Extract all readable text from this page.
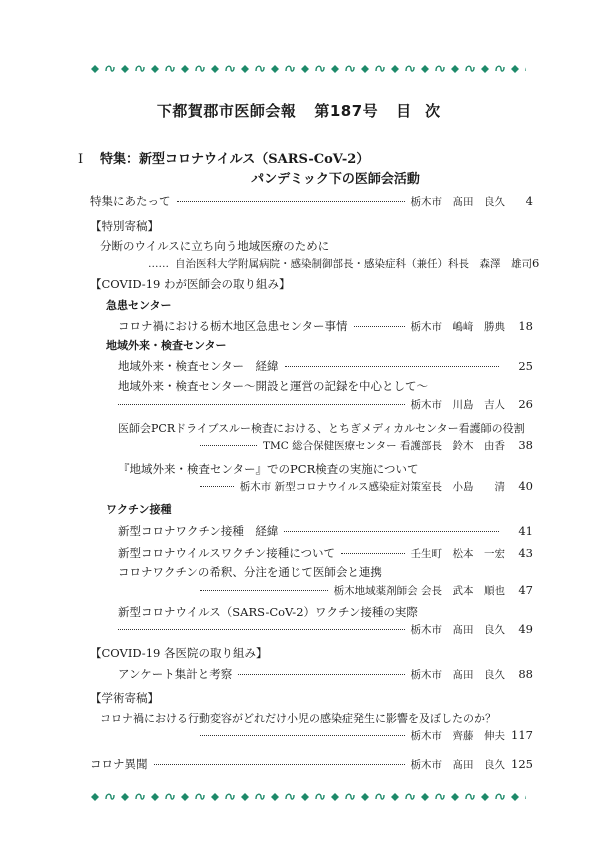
下都賀郡市医師会報 第187号 目次
Ⅰ 特集：新型コロナウイルス（SARS-CoV-2）
パンデミック下の医師会活動
特集にあたって	栃木市　髙田　良久	4
【特別寄稿】
分断のウイルスに立ち向う地域医療のために
…… 自治医科大学附属病院・感染制御部長・感染症科（兼任）科長　森澤　雄司 6
【COVID-19 わが医師会の取り組み】
急患センター
コロナ禍における栃木地区急患センター事情	栃木市　嶋﨑　勝典	18
地域外来・検査センター
地域外来・検査センター　経緯	25
地域外来・検査センター～開設と運営の記録を中心として～
栃木市　川島　吉人	26
医師会PCRドライブスルー検査における、とちぎメディカルセンター看護師の役割
TMC 総合保健医療センター 看護部長　鈴木　由香	38
『地域外来・検査センター』でのPCR検査の実施について
栃木市 新型コロナウイルス感染症対策室長　小島　　清	40
ワクチン接種
新型コロナワクチン接種　経緯	41
新型コロナウイルスワクチン接種について	壬生町　松本　一宏	43
コロナワクチンの希釈、分注を通じて医師会と連携
栃木地域薬剤師会 会長　武本　順也	47
新型コロナウイルス（SARS-CoV-2）ワクチン接種の実際
栃木市　髙田　良久	49
【COVID-19 各医院の取り組み】
アンケート集計と考察	栃木市　髙田　良久	88
【学術寄稿】
コロナ禍における行動変容がどれだけ小児の感染症発生に影響を及ぼしたのか？
栃木市　齊藤　伸夫 117
コロナ異聞	栃木市　髙田　良久 125
